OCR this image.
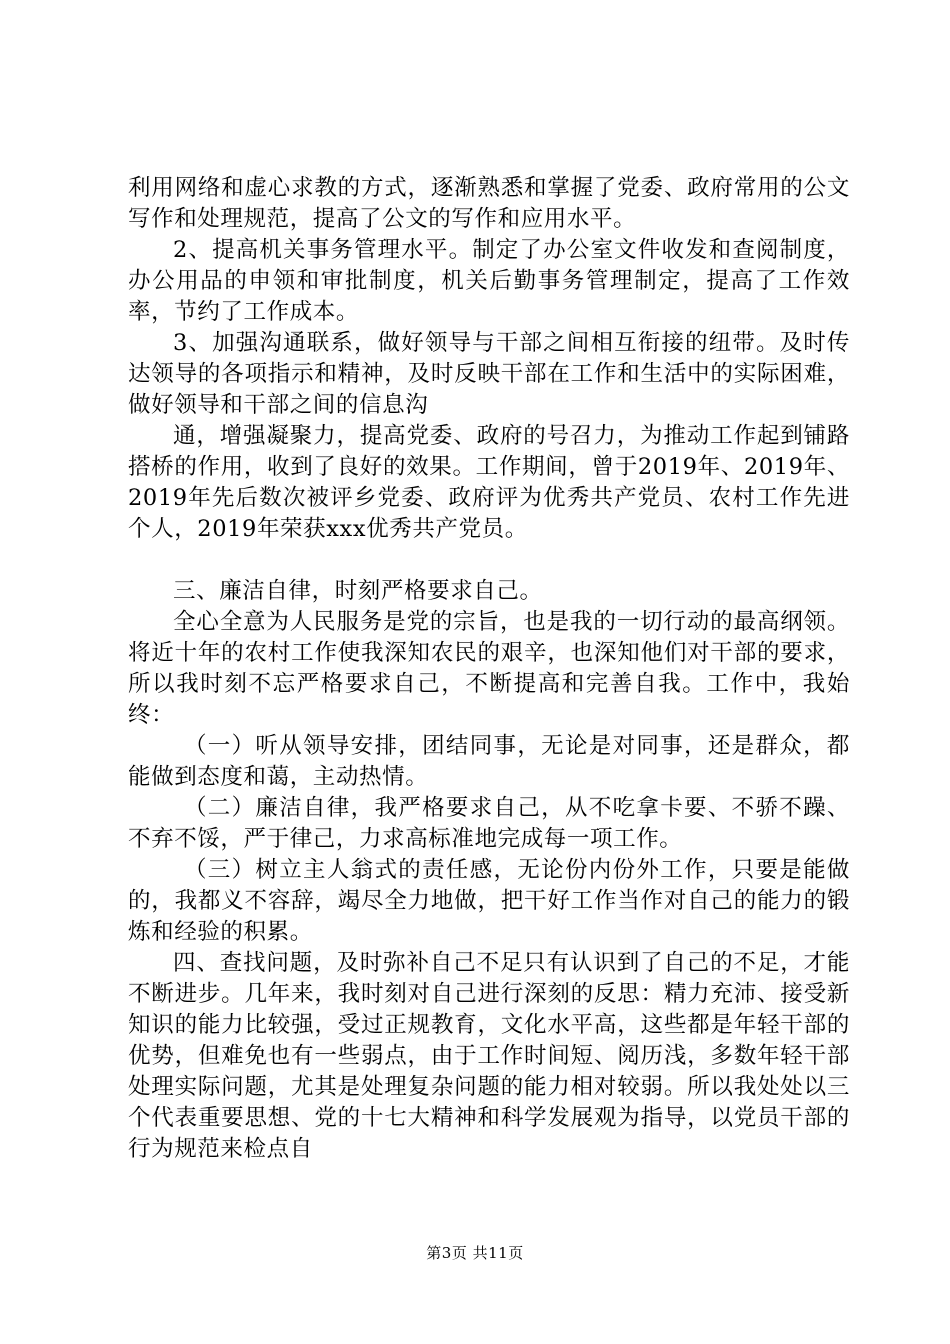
利用网络和虚心求教的方式，逐渐熟悉和掌握了党委、政府常用的公文写作和处理规范，提高了公文的写作和应用水平。

2、提高机关事务管理水平。制定了办公室文件收发和查阅制度，办公用品的申领和审批制度，机关后勤事务管理制定，提高了工作效率，节约了工作成本。

3、加强沟通联系，做好领导与干部之间相互衔接的纽带。及时传达领导的各项指示和精神，及时反映干部在工作和生活中的实际困难，做好领导和干部之间的信息沟

通，增强凝聚力，提高党委、政府的号召力，为推动工作起到铺路搭桥的作用，收到了良好的效果。工作期间，曾于2019年、2019年、2019年先后数次被评乡党委、政府评为优秀共产党员、农村工作先进个人，2019年荣获xxx优秀共产党员。

三、廉洁自律，时刻严格要求自己。

全心全意为人民服务是党的宗旨，也是我的一切行动的最高纲领。将近十年的农村工作使我深知农民的艰辛，也深知他们对干部的要求，所以我时刻不忘严格要求自己，不断提高和完善自我。工作中，我始终：

（一）听从领导安排，团结同事，无论是对同事，还是群众，都能做到态度和蔼，主动热情。

（二）廉洁自律，我严格要求自己，从不吃拿卡要、不骄不躁、不弃不馁，严于律己，力求高标准地完成每一项工作。

（三）树立主人翁式的责任感，无论份内份外工作，只要是能做的，我都义不容辞，竭尽全力地做，把干好工作当作对自己的能力的锻炼和经验的积累。

四、查找问题，及时弥补自己不足只有认识到了自己的不足，才能不断进步。几年来，我时刻对自己进行深刻的反思：精力充沛、接受新知识的能力比较强，受过正规教育，文化水平高，这些都是年轻干部的优势，但难免也有一些弱点，由于工作时间短、阅历浅，多数年轻干部处理实际问题，尤其是处理复杂问题的能力相对较弱。所以我处处以三个代表重要思想、党的十七大精神和科学发展观为指导，以党员干部的行为规范来检点自

第3页 共11页
